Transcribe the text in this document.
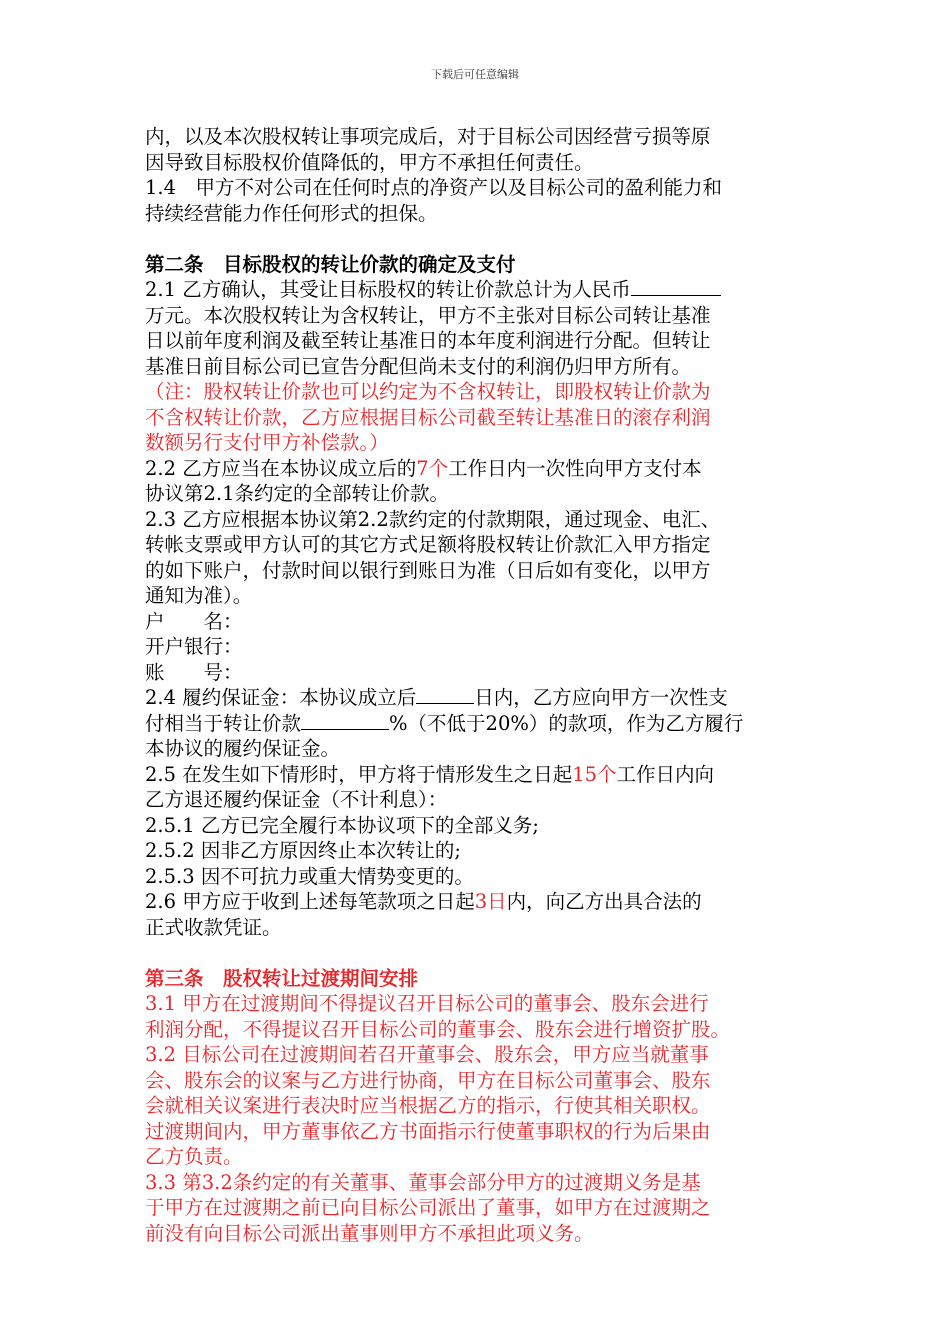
下载后可任意编辑
内，以及本次股权转让事项完成后，对于目标公司因经营亏损等原
因导致目标股权价值降低的，甲方不承担任何责任。
1.4　甲方不对公司在任何时点的净资产以及目标公司的盈利能力和
持续经营能力作任何形式的担保。
第二条　目标股权的转让价款的确定及支付
2.1 乙方确认，其受让目标股权的转让价款总计为人民币
万元。本次股权转让为含权转让，甲方不主张对目标公司转让基准
日以前年度利润及截至转让基准日的本年度利润进行分配。但转让
基准日前目标公司已宣告分配但尚未支付的利润仍归甲方所有。
（注：股权转让价款也可以约定为不含权转让，即股权转让价款为
不含权转让价款，乙方应根据目标公司截至转让基准日的滚存利润
数额另行支付甲方补偿款。）
2.2 乙方应当在本协议成立后的7个工作日内一次性向甲方支付本
协议第2.1条约定的全部转让价款。
2.3 乙方应根据本协议第2.2款约定的付款期限，通过现金、电汇、
转帐支票或甲方认可的其它方式足额将股权转让价款汇入甲方指定
的如下账户，付款时间以银行到账日为准（日后如有变化，以甲方
通知为准）。
户　　名：
开户银行：
账　　号：
2.4 履约保证金：本协议成立后	日内，乙方应向甲方一次性支
付相当于转让价款	%（不低于20%）的款项，作为乙方履行
本协议的履约保证金。
2.5 在发生如下情形时，甲方将于情形发生之日起15个工作日内向
乙方退还履约保证金（不计利息）：
2.5.1 乙方已完全履行本协议项下的全部义务;
2.5.2 因非乙方原因终止本次转让的;
2.5.3 因不可抗力或重大情势变更的。
2.6 甲方应于收到上述每笔款项之日起3日内，向乙方出具合法的
正式收款凭证。
第三条　股权转让过渡期间安排
3.1 甲方在过渡期间不得提议召开目标公司的董事会、股东会进行
利润分配，不得提议召开目标公司的董事会、股东会进行增资扩股。
3.2 目标公司在过渡期间若召开董事会、股东会，甲方应当就董事
会、股东会的议案与乙方进行协商，甲方在目标公司董事会、股东
会就相关议案进行表决时应当根据乙方的指示，行使其相关职权。
过渡期间内，甲方董事依乙方书面指示行使董事职权的行为后果由
乙方负责。
3.3 第3.2条约定的有关董事、董事会部分甲方的过渡期义务是基
于甲方在过渡期之前已向目标公司派出了董事，如甲方在过渡期之
前没有向目标公司派出董事则甲方不承担此项义务。
